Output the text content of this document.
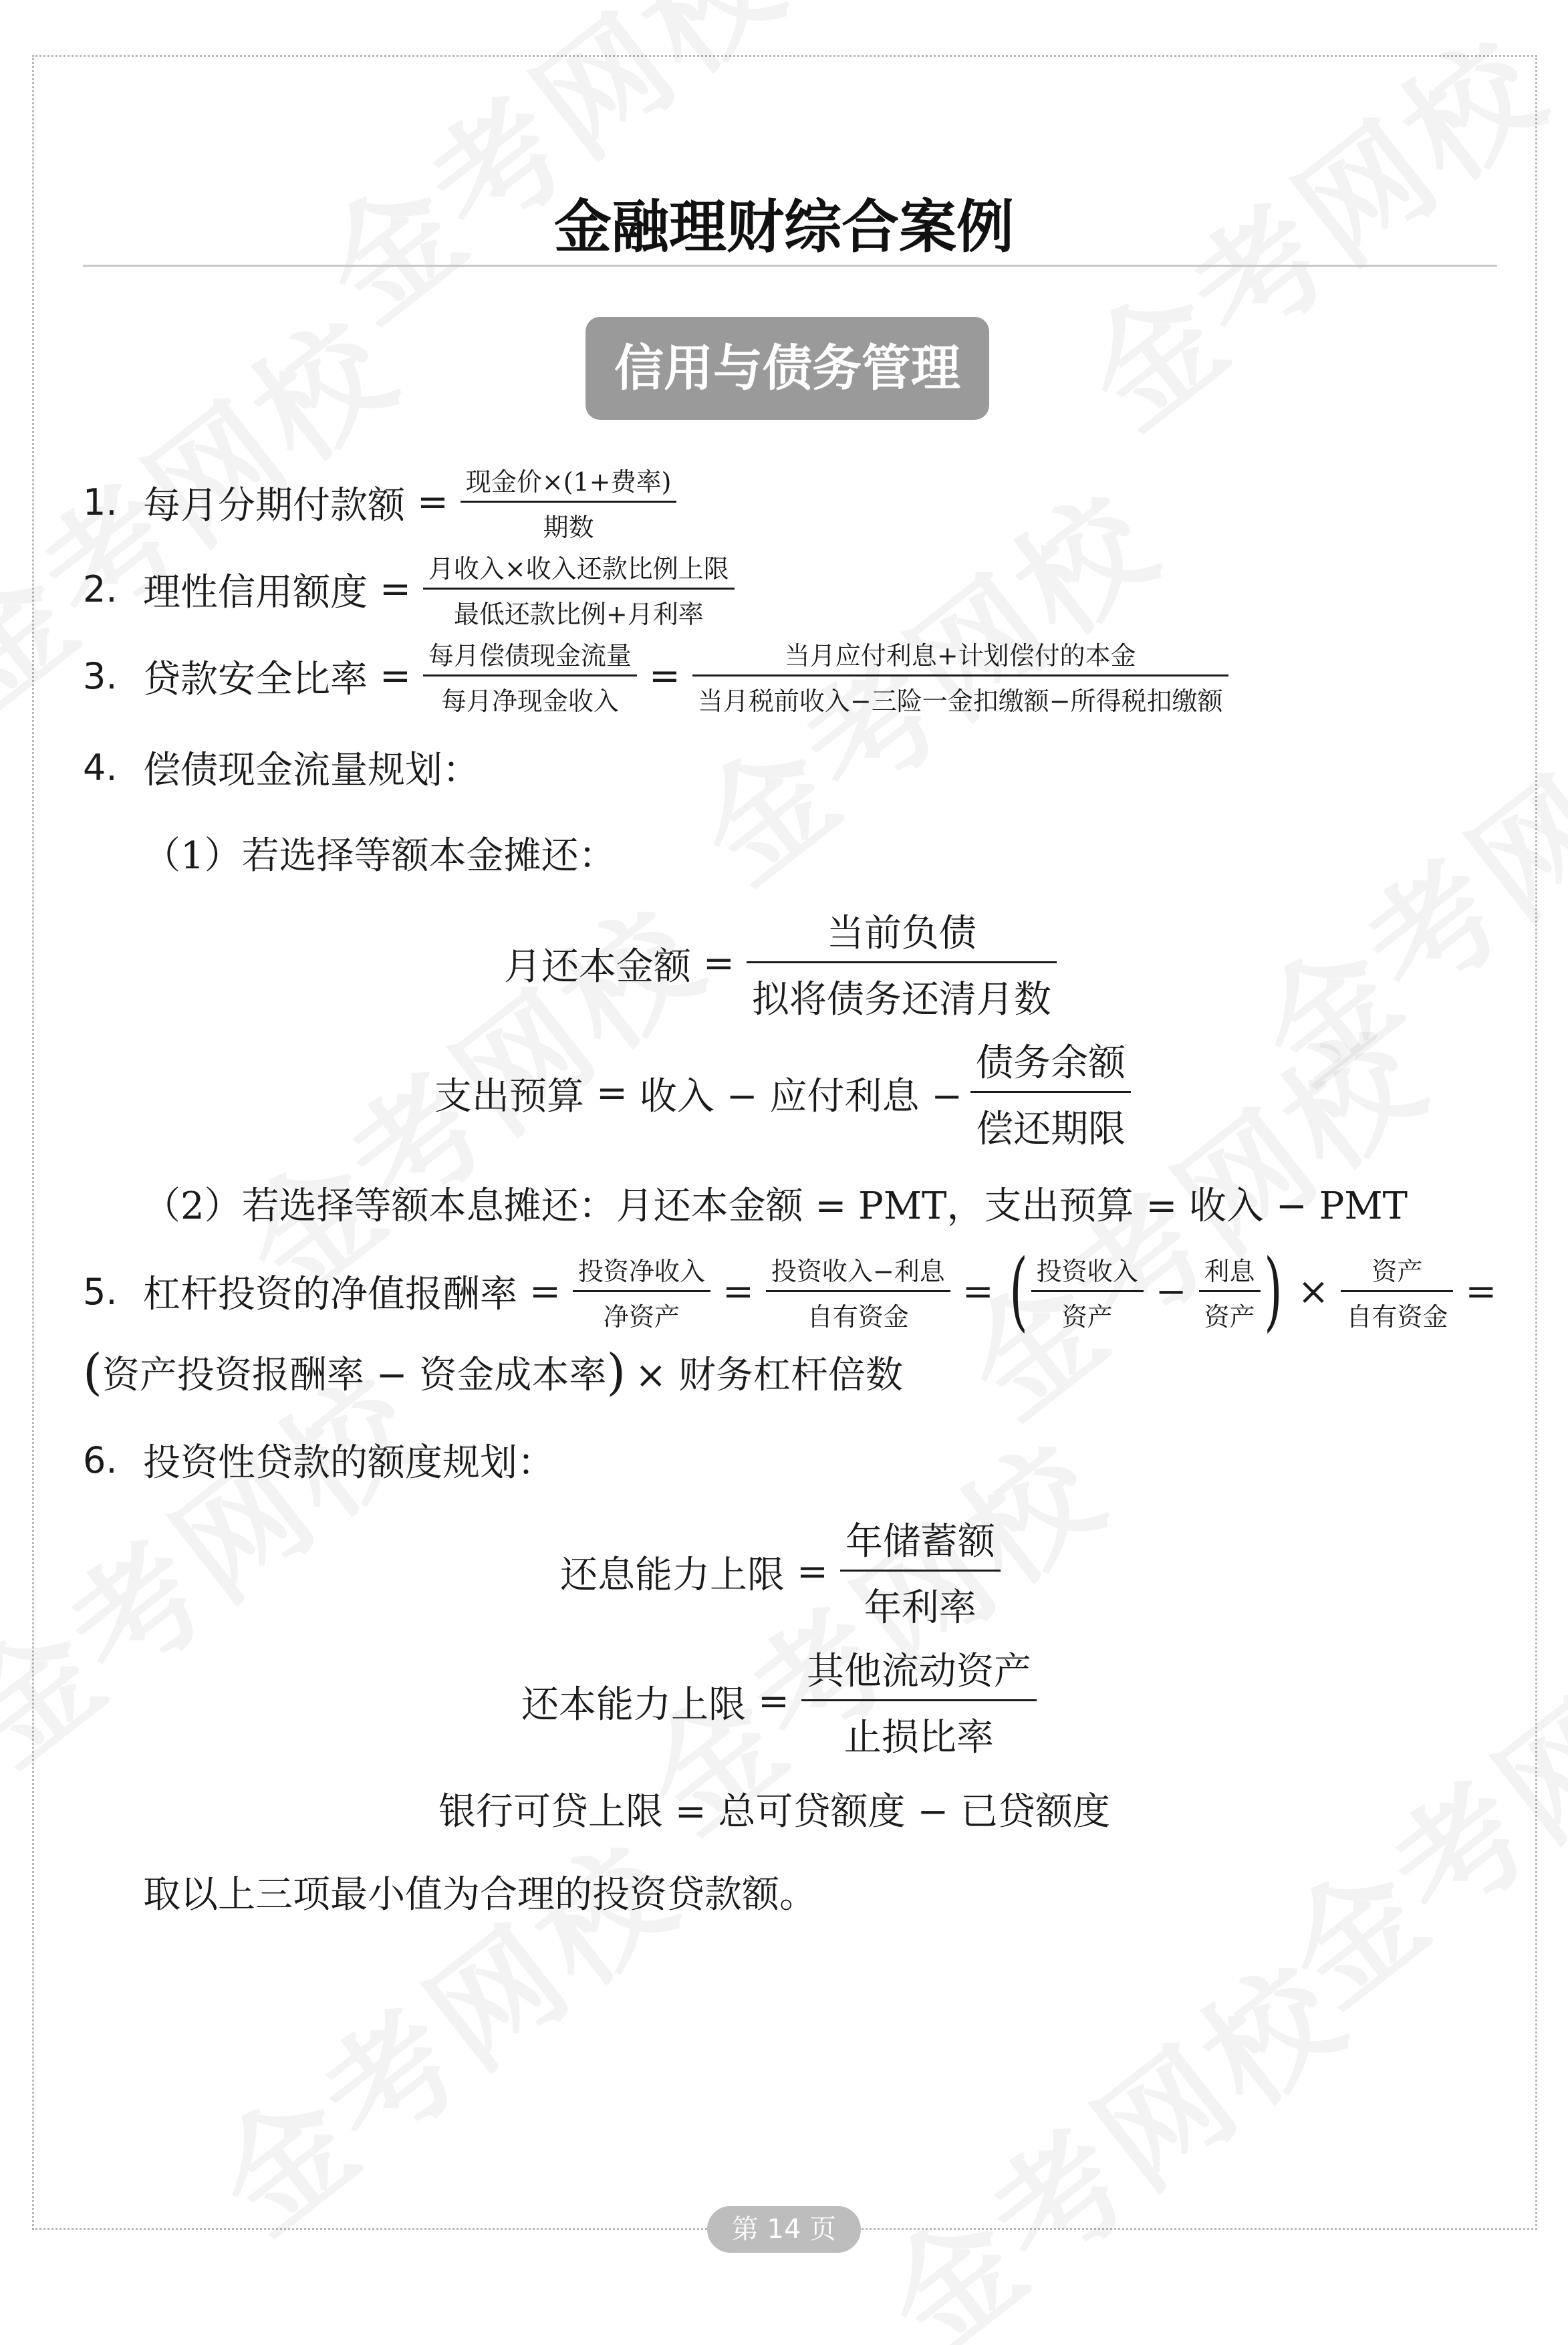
金融理财综合案例
信用与债务管理
1. 每月分期付款额 = $\frac{\text{现金价×(1+费率)}}{\text{期数}}$
2. 理性信用额度 = $\frac{\text{月收入×收入还款比例上限}}{\text{最低还款比例+月利率}}$
3. 贷款安全比率 = $\frac{\text{每月偿债现金流量}}{\text{每月净现金收入}} = \frac{\text{当月应付利息+计划偿付的本金}}{\text{当月税前收入−三险一金扣缴额−所得税扣缴额}}$
4. 偿债现金流量规划：
（1）若选择等额本金摊还：
月还本金额 = $\frac{\text{当前负债}}{\text{拟将债务还清月数}}$
支出预算 = 收入 − 应付利息 − $\frac{\text{债务余额}}{\text{偿还期限}}$
（2）若选择等额本息摊还：月还本金额 = PMT，支出预算 = 收入 − PMT
5. 杠杆投资的净值报酬率 = $\frac{\text{投资净收入}}{\text{净资产}} = \frac{\text{投资收入−利息}}{\text{自有资金}}$ = ( $\frac{\text{投资收入}}{\text{资产}} - \frac{\text{利息}}{\text{资产}}$ ) × $\frac{\text{资产}}{\text{自有资金}}$ =
( 资产投资报酬率 − 资金成本率 ) × 财务杠杆倍数
6. 投资性贷款的额度规划：
还息能力上限 = $\frac{\text{年储蓄额}}{\text{年利率}}$
还本能力上限 = $\frac{\text{其他流动资产}}{\text{止损比率}}$
银行可贷上限 = 总可贷额度 − 已贷额度
取以上三项最小值为合理的投资贷款额。
第 14 页
